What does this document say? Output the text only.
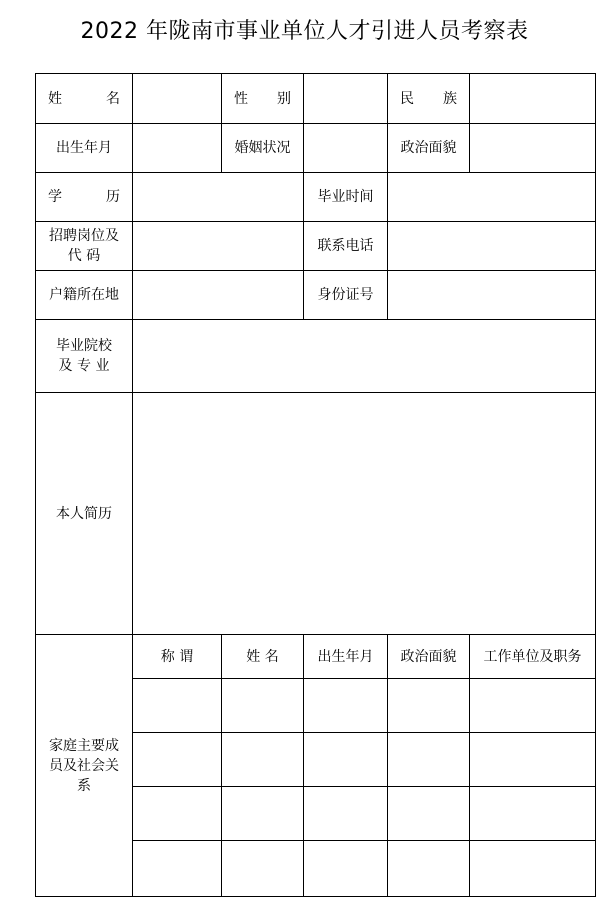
2022 年陇南市事业单位人才引进人员考察表
姓 名		性 别		民 族	

出生年月		婚姻状况		政治面貌	

学 历			毕业时间		

招聘岗位及
代 码			联系电话		
户籍所在地			身份证号		

毕业院校
及 专 业					

本人简历					

家庭主要成
员及社会关
系	称 谓	姓 名	出生年月	政治面貌	工作单位及职务
